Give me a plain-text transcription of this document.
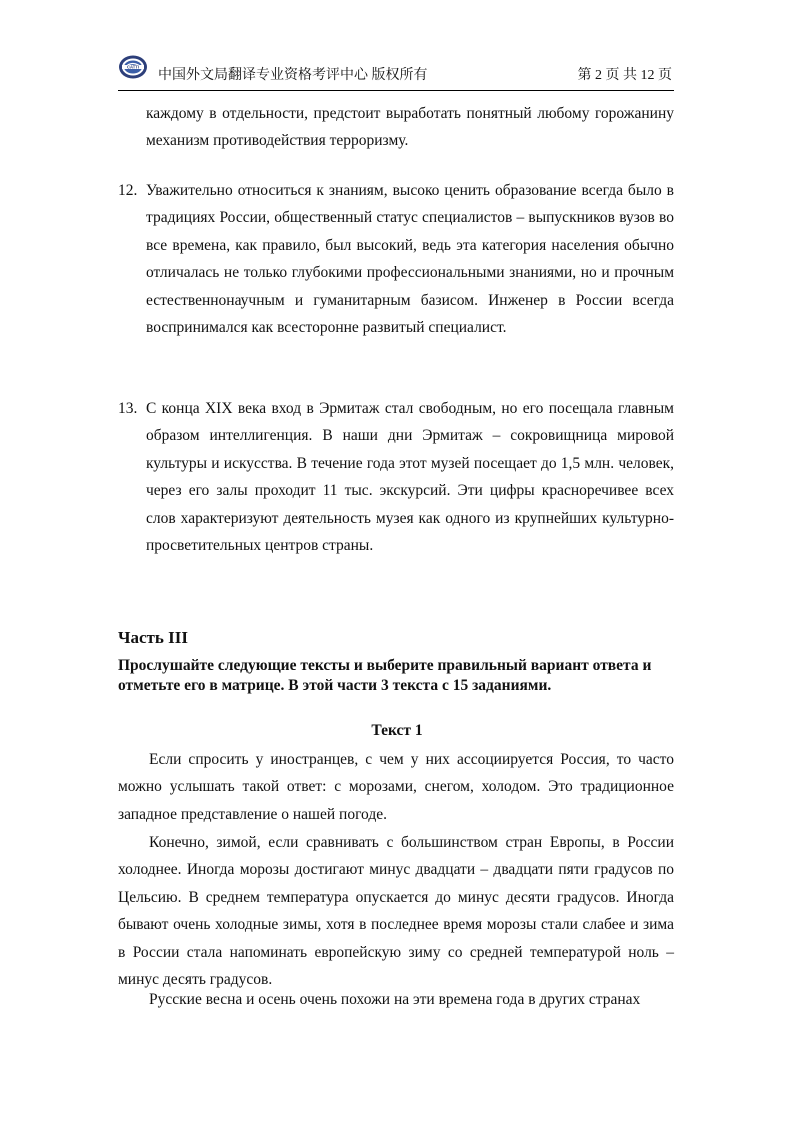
CATTI
中国外文局翻译专业资格考评中心 版权所有	第 2 页 共 12 页
каждому в отдельности, предстоит выработать понятный любому горожанину механизм противодействия терроризму.
12. Уважительно относиться к знаниям, высоко ценить образование всегда было в традициях России, общественный статус специалистов – выпускников вузов во все времена, как правило, был высокий, ведь эта категория населения обычно отличалась не только глубокими профессиональными знаниями, но и прочным естественнонаучным и гуманитарным базисом. Инженер в России всегда воспринимался как всесторонне развитый специалист.
13. С конца XIX века вход в Эрмитаж стал свободным, но его посещала главным образом интеллигенция. В наши дни Эрмитаж – сокровищница мировой культуры и искусства. В течение года этот музей посещает до 1,5 млн. человек, через его залы проходит 11 тыс. экскурсий. Эти цифры красноречивее всех слов характеризуют деятельность музея как одного из крупнейших культурно-просветительных центров страны.
Часть III
Прослушайте следующие тексты и выберите правильный вариант ответа и отметьте его в матрице. В этой части 3 текста с 15 заданиями.
Текст 1
Если спросить у иностранцев, с чем у них ассоциируется Россия, то часто можно услышать такой ответ: с морозами, снегом, холодом. Это традиционное западное представление о нашей погоде.
Конечно, зимой, если сравнивать с большинством стран Европы, в России холоднее. Иногда морозы достигают минус двадцати – двадцати пяти градусов по Цельсию. В среднем температура опускается до минус десяти градусов. Иногда бывают очень холодные зимы, хотя в последнее время морозы стали слабее и зима в России стала напоминать европейскую зиму со средней температурой ноль – минус десять градусов.
Русские весна и осень очень похожи на эти времена года в других странах
